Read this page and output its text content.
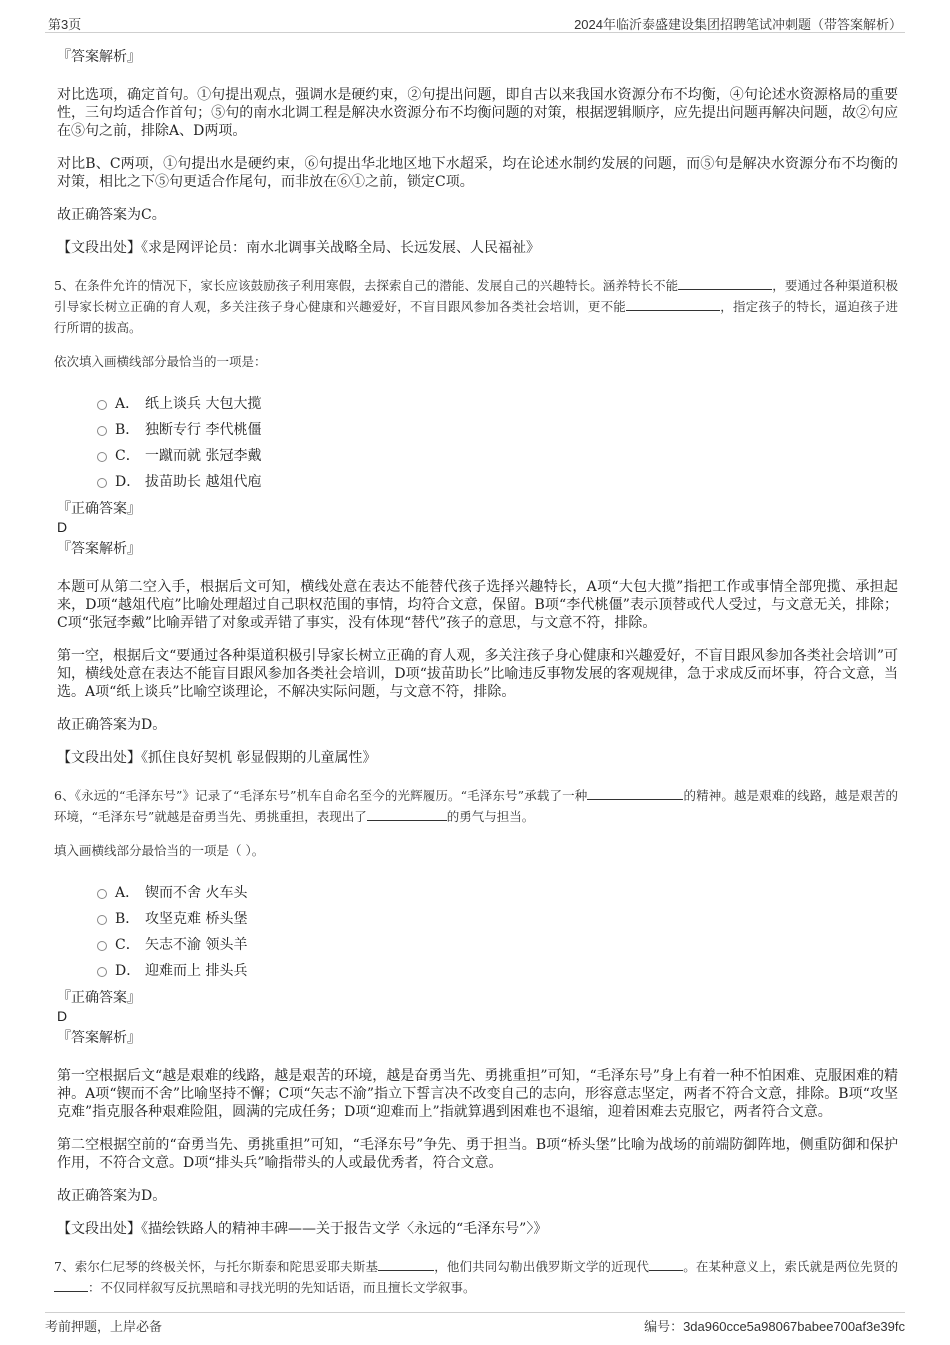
第3页	2024年临沂泰盛建设集团招聘笔试冲刺题（带答案解析）
『答案解析』
对比选项，确定首句。①句提出观点，强调水是硬约束，②句提出问题，即自古以来我国水资源分布不均衡，④句论述水资源格局的重要性，三句均适合作首句；⑤句的南水北调工程是解决水资源分布不均衡问题的对策，根据逻辑顺序，应先提出问题再解决问题，故②句应在⑤句之前，排除A、D两项。
对比B、C两项，①句提出水是硬约束，⑥句提出华北地区地下水超采，均在论述水制约发展的问题，而⑤句是解决水资源分布不均衡的对策，相比之下⑤句更适合作尾句，而非放在⑥①之前，锁定C项。
故正确答案为C。
【文段出处】《求是网评论员：南水北调事关战略全局、长远发展、人民福祉》
5、在条件允许的情况下，家长应该鼓励孩子利用寒假，去探索自己的潜能、发展自己的兴趣特长。涵养特长不能	，要通过各种渠道积极引导家长树立正确的育人观，多关注孩子身心健康和兴趣爱好，不盲目跟风参加各类社会培训，更不能	，指定孩子的特长，逼迫孩子进行所谓的拔高。
依次填入画横线部分最恰当的一项是：
A． 纸上谈兵 大包大揽
B． 独断专行 李代桃僵
C． 一蹴而就 张冠李戴
D． 拔苗助长 越俎代庖
『正确答案』
D
『答案解析』
本题可从第二空入手，根据后文可知，横线处意在表达不能替代孩子选择兴趣特长，A项“大包大揽”指把工作或事情全部兜揽、承担起来，D项“越俎代庖”比喻处理超过自己职权范围的事情，均符合文意，保留。B项“李代桃僵”表示顶替或代人受过，与文意无关，排除；C项“张冠李戴”比喻弄错了对象或弄错了事实，没有体现“替代”孩子的意思，与文意不符，排除。
第一空，根据后文“要通过各种渠道积极引导家长树立正确的育人观，多关注孩子身心健康和兴趣爱好，不盲目跟风参加各类社会培训”可知，横线处意在表达不能盲目跟风参加各类社会培训，D项“拔苗助长”比喻违反事物发展的客观规律，急于求成反而坏事，符合文意，当选。A项“纸上谈兵”比喻空谈理论，不解决实际问题，与文意不符，排除。
故正确答案为D。
【文段出处】《抓住良好契机 彰显假期的儿童属性》
6、《永远的“毛泽东号”》记录了“毛泽东号”机车自命名至今的光辉履历。“毛泽东号”承载了一种	的精神。越是艰难的线路，越是艰苦的环境，“毛泽东号”就越是奋勇当先、勇挑重担，表现出了	的勇气与担当。
填入画横线部分最恰当的一项是（ ）。
A． 锲而不舍 火车头
B． 攻坚克难 桥头堡
C． 矢志不渝 领头羊
D． 迎难而上 排头兵
『正确答案』
D
『答案解析』
第一空根据后文“越是艰难的线路，越是艰苦的环境，越是奋勇当先、勇挑重担”可知，“毛泽东号”身上有着一种不怕困难、克服困难的精神。A项“锲而不舍”比喻坚持不懈；C项“矢志不渝”指立下誓言决不改变自己的志向，形容意志坚定，两者不符合文意，排除。B项“攻坚克难”指克服各种艰难险阻，圆满的完成任务；D项“迎难而上”指就算遇到困难也不退缩，迎着困难去克服它，两者符合文意。
第二空根据空前的“奋勇当先、勇挑重担”可知，“毛泽东号”争先、勇于担当。B项“桥头堡”比喻为战场的前端防御阵地，侧重防御和保护作用，不符合文意。D项“排头兵”喻指带头的人或最优秀者，符合文意。
故正确答案为D。
【文段出处】《描绘铁路人的精神丰碑——关于报告文学〈永远的“毛泽东号”〉》
7、索尔仁尼琴的终极关怀，与托尔斯泰和陀思妥耶夫斯基	，他们共同勾勒出俄罗斯文学的近现代	。在某种意义上，索氏就是两位先贤的：不仅同样叙写反抗黑暗和寻找光明的先知话语，而且擅长文学叙事。
考前押题，上岸必备	编号：3da960cce5a98067babee700af3e39fc
